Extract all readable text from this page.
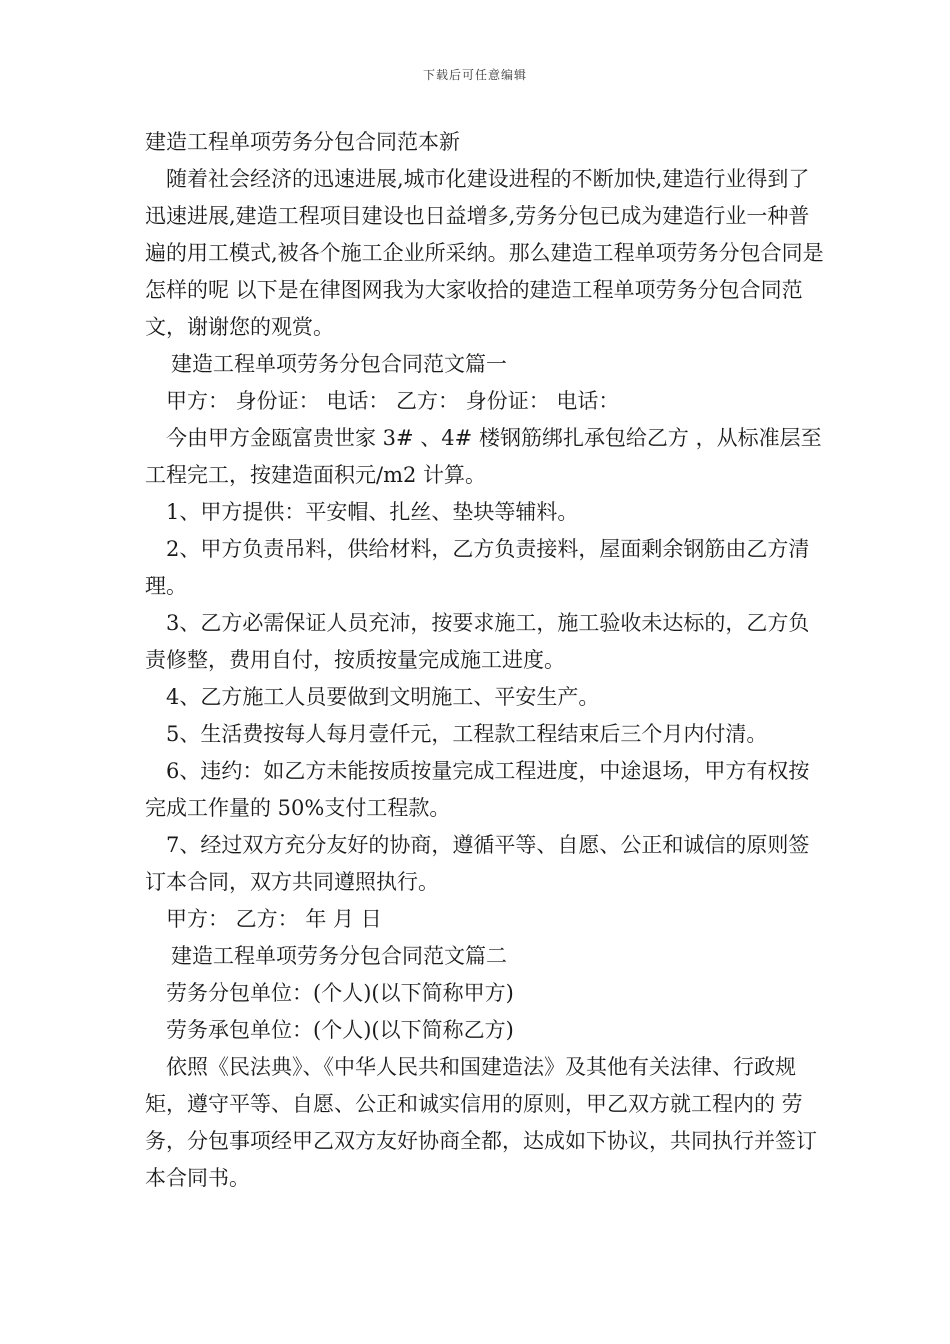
下载后可任意编辑
建造工程单项劳务分包合同范本新

随着社会经济的迅速进展,城市化建设进程的不断加快,建造行业得到了迅速进展,建造工程项目建设也日益增多,劳务分包已成为建造行业一种普遍的用工模式,被各个施工企业所采纳。那么建造工程单项劳务分包合同是怎样的呢 以下是在律图网我为大家收拾的建造工程单项劳务分包合同范文，谢谢您的观赏。

建造工程单项劳务分包合同范文篇一

甲方： 身份证： 电话： 乙方： 身份证： 电话：

今由甲方金瓯富贵世家 3# 、4# 楼钢筋绑扎承包给乙方 ，从标准层至工程完工，按建造面积元/m2 计算。

1、甲方提供：平安帽、扎丝、垫块等辅料。

2、甲方负责吊料，供给材料，乙方负责接料，屋面剩余钢筋由乙方清理。

3、乙方必需保证人员充沛，按要求施工，施工验收未达标的，乙方负责修整，费用自付，按质按量完成施工进度。

4、乙方施工人员要做到文明施工、平安生产。

5、生活费按每人每月壹仟元，工程款工程结束后三个月内付清。

6、违约：如乙方未能按质按量完成工程进度，中途退场，甲方有权按完成工作量的 50%支付工程款。

7、经过双方充分友好的协商，遵循平等、自愿、公正和诚信的原则签订本合同，双方共同遵照执行。

甲方： 乙方： 年 月 日

建造工程单项劳务分包合同范文篇二

劳务分包单位：(个人)(以下简称甲方)

劳务承包单位：(个人)(以下简称乙方)

依照《民法典》、《中华人民共和国建造法》及其他有关法律、行政规矩，遵守平等、自愿、公正和诚实信用的原则，甲乙双方就工程内的 劳务，分包事项经甲乙双方友好协商全都，达成如下协议，共同执行并签订本合同书。
